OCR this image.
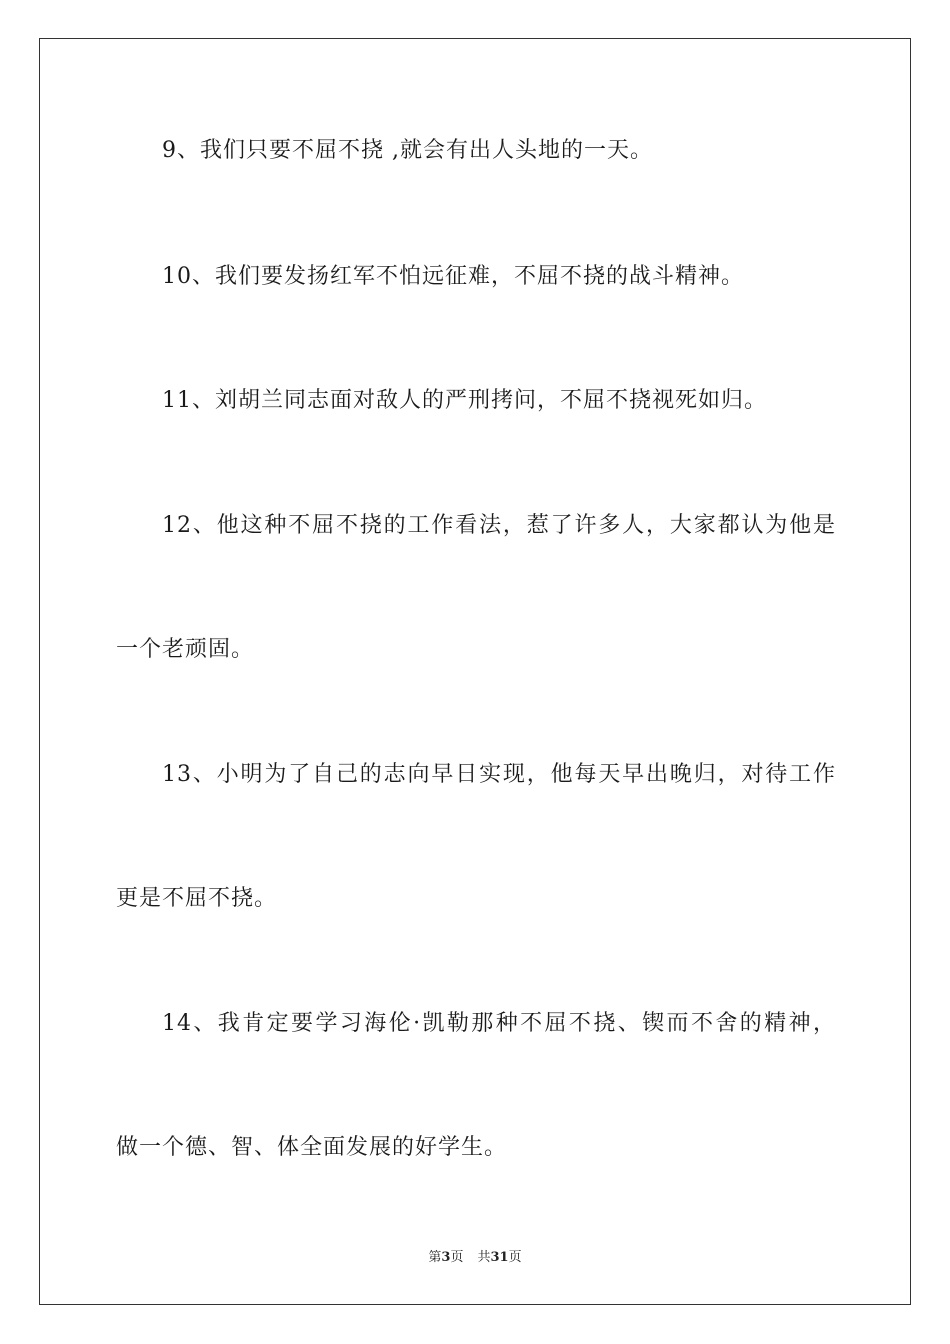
9、我们只要不屈不挠 ,就会有出人头地的一天。
10、我们要发扬红军不怕远征难，不屈不挠的战斗精神。
11、刘胡兰同志面对敌人的严刑拷问，不屈不挠视死如归。
12、他这种不屈不挠的工作看法，惹了许多人，大家都认为他是
一个老顽固。
13、小明为了自己的志向早日实现，他每天早出晚归，对待工作
更是不屈不挠。
14、我肯定要学习海伦·凯勒那种不屈不挠、锲而不舍的精神，
做一个德、智、体全面发展的好学生。
第3页 共31页
